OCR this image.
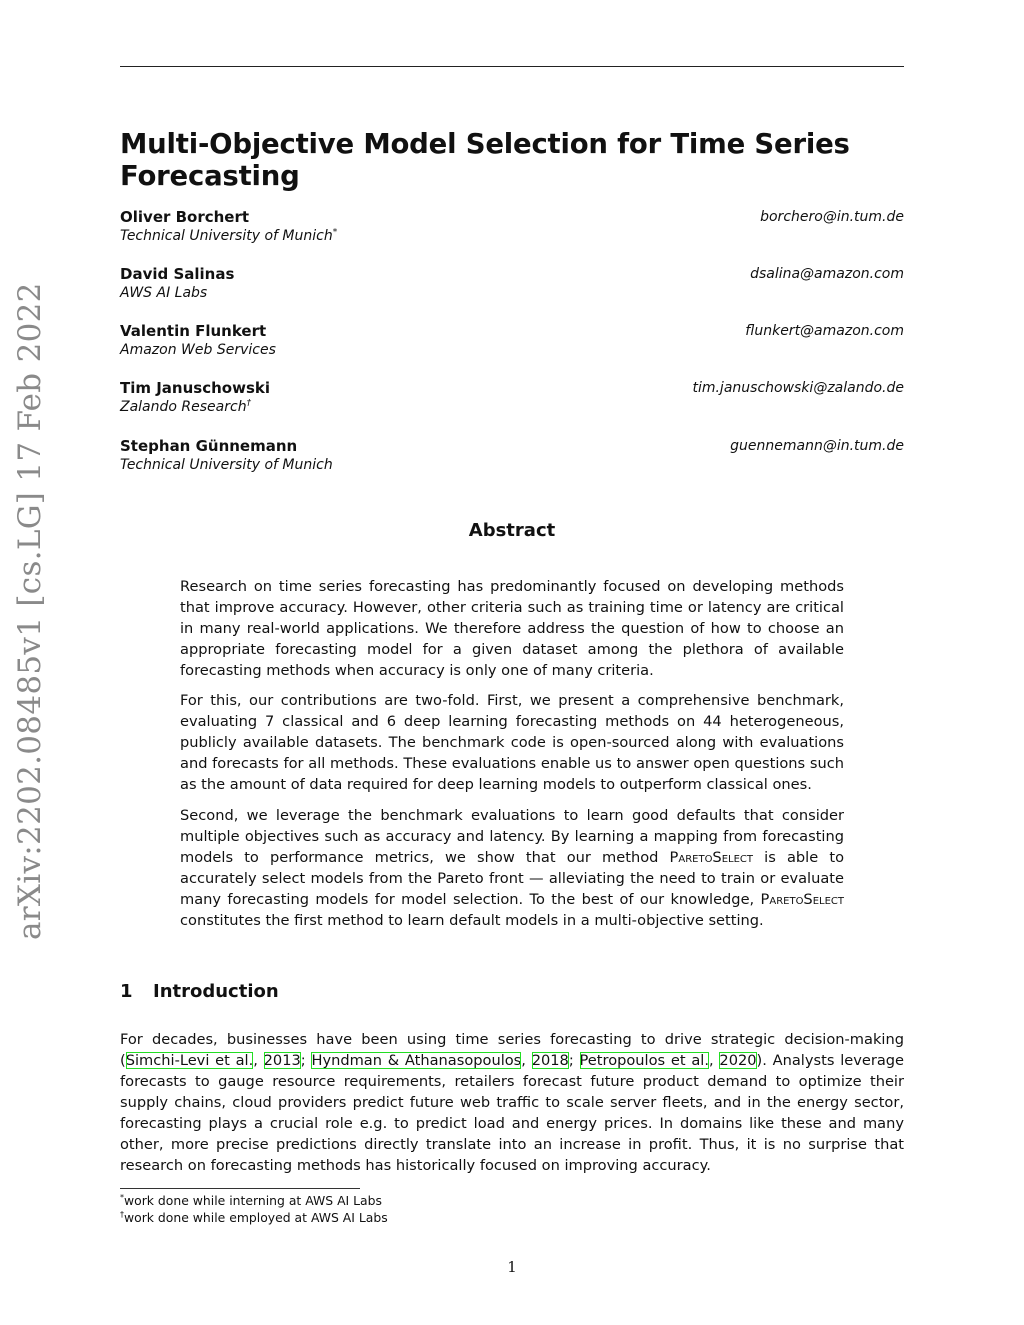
arXiv:2202.08485v1 [cs.LG] 17 Feb 2022
Multi-Objective Model Selection for Time Series Forecasting
Oliver Borchert
Technical University of Munich*
borchero@in.tum.de
David Salinas
AWS AI Labs
dsalina@amazon.com
Valentin Flunkert
Amazon Web Services
flunkert@amazon.com
Tim Januschowski
Zalando Research†
tim.januschowski@zalando.de
Stephan Günnemann
Technical University of Munich
guennemann@in.tum.de
Abstract

Research on time series forecasting has predominantly focused on developing methods that improve accuracy. However, other criteria such as training time or latency are critical in many real-world applications. We therefore address the question of how to choose an appropriate forecasting model for a given dataset among the plethora of available forecasting methods when accuracy is only one of many criteria.

For this, our contributions are two-fold. First, we present a comprehensive benchmark, evaluating 7 classical and 6 deep learning forecasting methods on 44 heterogeneous, publicly available datasets. The benchmark code is open-sourced along with evaluations and forecasts for all methods. These evaluations enable us to answer open questions such as the amount of data required for deep learning models to outperform classical ones.

Second, we leverage the benchmark evaluations to learn good defaults that consider multiple objectives such as accuracy and latency. By learning a mapping from forecasting models to performance metrics, we show that our method ParetoSelect is able to accurately select models from the Pareto front — alleviating the need to train or evaluate many forecasting models for model selection. To the best of our knowledge, ParetoSelect constitutes the first method to learn default models in a multi-objective setting.

1 Introduction

For decades, businesses have been using time series forecasting to drive strategic decision-making (Simchi-Levi et al., 2013; Hyndman & Athanasopoulos, 2018; Petropoulos et al., 2020). Analysts leverage forecasts to gauge resource requirements, retailers forecast future product demand to optimize their supply chains, cloud providers predict future web traffic to scale server fleets, and in the energy sector, forecasting plays a crucial role e.g. to predict load and energy prices. In domains like these and many other, more precise predictions directly translate into an increase in profit. Thus, it is no surprise that research on forecasting methods has historically focused on improving accuracy.

*work done while interning at AWS AI Labs
†work done while employed at AWS AI Labs
1
